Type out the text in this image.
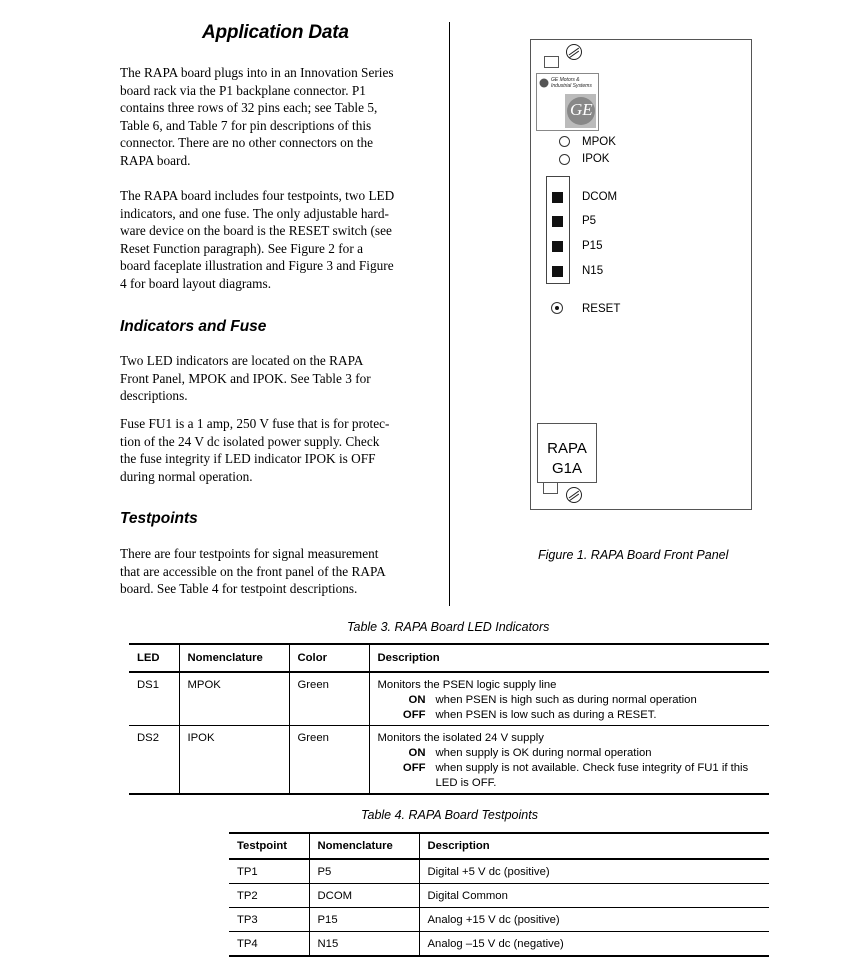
Application Data
The RAPA board plugs into in an Innovation Series
board rack via the P1 backplane connector. P1
contains three rows of 32 pins each; see Table 5,
Table 6, and Table 7 for pin descriptions of this
connector. There are no other connectors on the
RAPA board.
The RAPA board includes four testpoints, two LED
indicators, and one fuse. The only adjustable hard-
ware device on the board is the RESET switch (see
Reset Function paragraph). See Figure 2 for a
board faceplate illustration and Figure 3 and Figure
4 for board layout diagrams.
Indicators and Fuse
Two LED indicators are located on the RAPA
Front Panel, MPOK and IPOK. See Table 3 for
descriptions.
Fuse FU1 is a 1 amp, 250 V fuse that is for protec-
tion of the 24 V dc isolated power supply. Check
the fuse integrity if LED indicator IPOK is OFF
during normal operation.
Testpoints
There are four testpoints for signal measurement
that are accessible on the front panel of the RAPA
board. See Table 4 for testpoint descriptions.
GE Motors &
Industrial Systems
GE
MPOK
IPOK
DCOM
P5
P15
N15
RESET
RAPA
G1A
Figure 1. RAPA Board Front Panel
Table 3. RAPA Board LED Indicators
LED	Nomenclature	Color	Description
DS1	MPOK	Green	Monitors the PSEN logic supply line
ON when PSEN is high such as during normal operation
OFF when PSEN is low such as during a RESET.

DS2	IPOK	Green	Monitors the isolated 24 V supply
ON when supply is OK during normal operation
OFF when supply is not available. Check fuse integrity of FU1 if this LED is OFF.
Table 4. RAPA Board Testpoints
Testpoint	Nomenclature	Description
TP1	P5	Digital +5 V dc (positive)
TP2	DCOM	Digital Common
TP3	P15	Analog +15 V dc (positive)
TP4	N15	Analog –15 V dc (negative)
